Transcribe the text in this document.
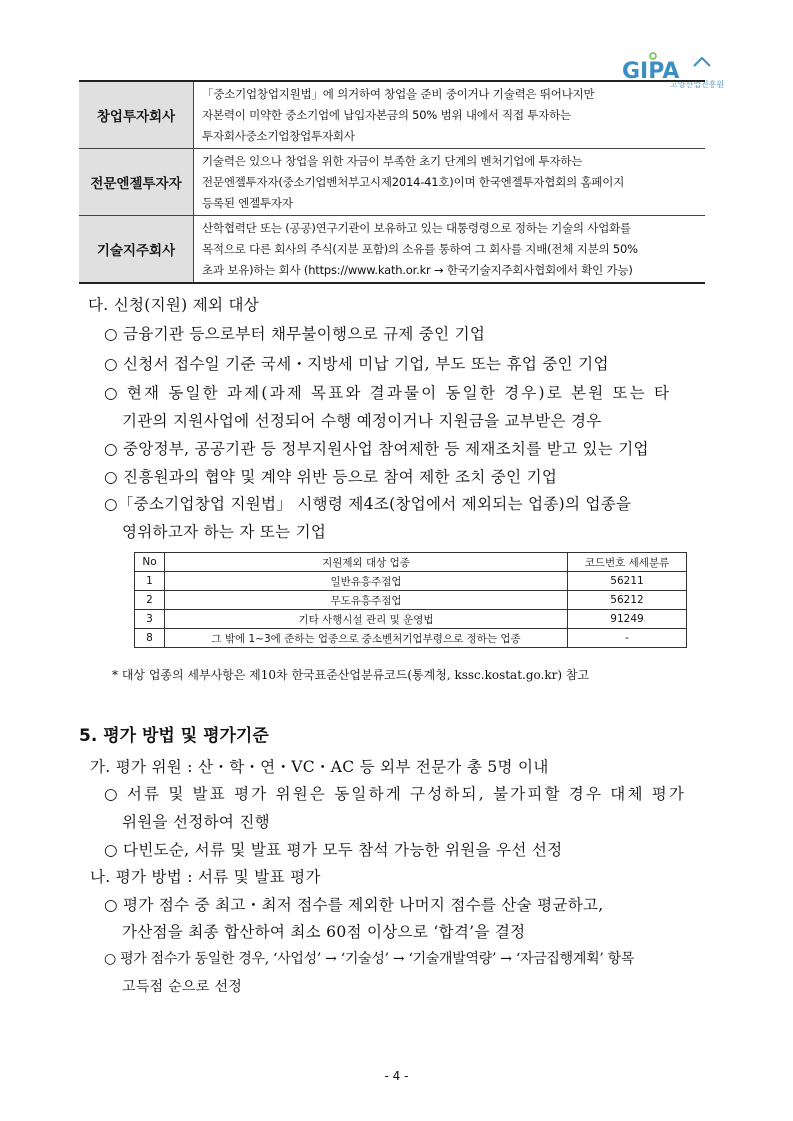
GIPA
고양산업진흥원
창업투자회사	「중소기업창업지원법」에 의거하여 창업을 준비 중이거나 기술력은 뛰어나지만
자본력이 미약한 중소기업에 납입자본금의 50% 범위 내에서 직접 투자하는
투자회사중소기업창업투자회사

전문엔젤투자자	기술력은 있으나 창업을 위한 자금이 부족한 초기 단계의 벤처기업에 투자하는
전문엔젤투자자(중소기업벤처부고시제2014-41호)이며 한국엔젤투자협회의 홈페이지
등록된 엔젤투자자

기술지주회사	산학협력단 또는 (공공)연구기관이 보유하고 있는 대통령령으로 정하는 기술의 사업화를
목적으로 다른 회사의 주식(지분 포함)의 소유를 통하여 그 회사를 지배(전체 지분의 50%
초과 보유)하는 회사 (https://www.kath.or.kr → 한국기술지주회사협회에서 확인 가능)
다. 신청(지원) 제외 대상
○ 금융기관 등으로부터 채무불이행으로 규제 중인 기업
○ 신청서 접수일 기준 국세・지방세 미납 기업, 부도 또는 휴업 중인 기업
○ 현재 동일한 과제(과제 목표와 결과물이 동일한 경우)로 본원 또는 타
기관의 지원사업에 선정되어 수행 예정이거나 지원금을 교부받은 경우
○ 중앙정부, 공공기관 등 정부지원사업 참여제한 등 제재조치를 받고 있는 기업
○ 진흥원과의 협약 및 계약 위반 등으로 참여 제한 조치 중인 기업
○「중소기업창업 지원법」 시행령 제4조(창업에서 제외되는 업종)의 업종을
영위하고자 하는 자 또는 기업
No	지원제외 대상 업종	코드번호 세세분류
1	일반유흥주점업	56211
2	무도유흥주점업	56212
3	기타 사행시설 관리 및 운영법	91249
8	그 밖에 1~3에 준하는 업종으로 중소벤처기업부령으로 정하는 업종	-
* 대상 업종의 세부사항은 제10차 한국표준산업분류코드(통계청, kssc.kostat.go.kr) 참고
5. 평가 방법 및 평가기준
가. 평가 위원 : 산・학・연・VC・AC 등 외부 전문가 총 5명 이내
○ 서류 및 발표 평가 위원은 동일하게 구성하되, 불가피할 경우 대체 평가
위원을 선정하여 진행
○ 다빈도순, 서류 및 발표 평가 모두 참석 가능한 위원을 우선 선정
나. 평가 방법 : 서류 및 발표 평가
○ 평가 점수 중 최고・최저 점수를 제외한 나머지 점수를 산술 평균하고,
가산점을 최종 합산하여 최소 60점 이상으로 ‘합격’을 결정
○ 평가 점수가 동일한 경우, ‘사업성’ → ‘기술성’ → ‘기술개발역량’ → ‘자금집행계획’ 항목
고득점 순으로 선정
- 4 -
